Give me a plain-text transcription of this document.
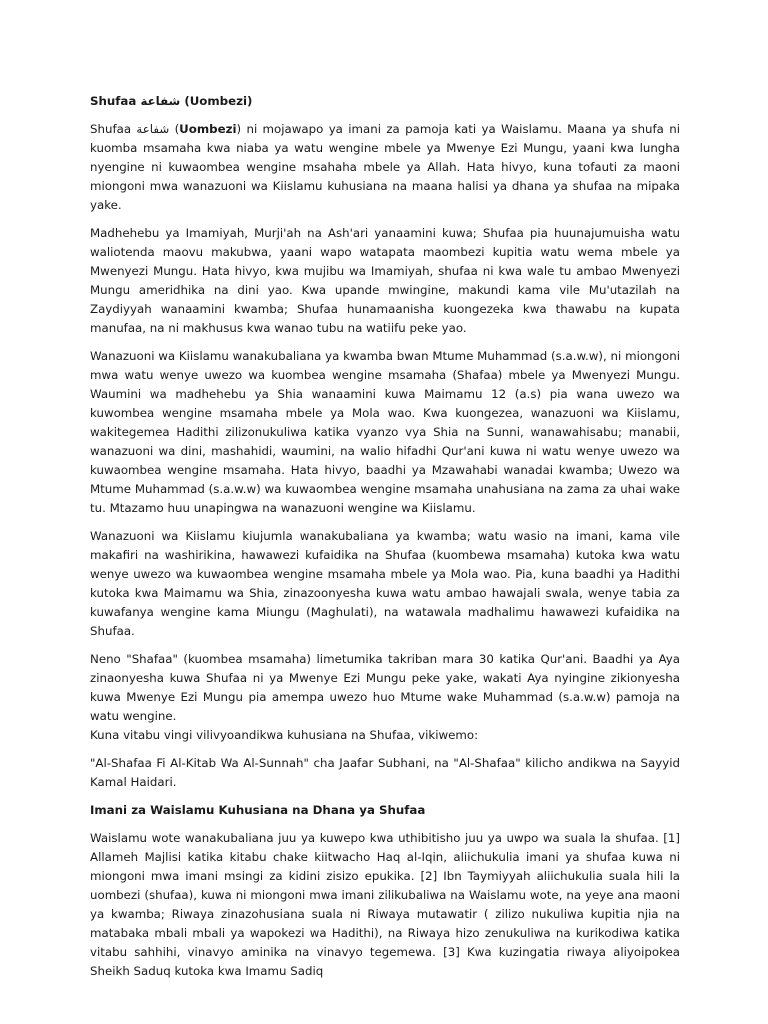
Shufaa شفاعة (Uombezi)

Shufaa شفاعة (Uombezi) ni mojawapo ya imani za pamoja kati ya Waislamu. Maana ya shufa ni kuomba msamaha kwa niaba ya watu wengine mbele ya Mwenye Ezi Mungu, yaani kwa lungha nyengine ni kuwaombea wengine msahaha mbele ya Allah. Hata hivyo, kuna tofauti za maoni miongoni mwa wanazuoni wa Kiislamu kuhusiana na maana halisi ya dhana ya shufaa na mipaka yake.

Madhehebu ya Imamiyah, Murji'ah na Ash'ari yanaamini kuwa; Shufaa pia huunajumuisha watu waliotenda maovu makubwa, yaani wapo watapata maombezi kupitia watu wema mbele ya Mwenyezi Mungu. Hata hivyo, kwa mujibu wa Imamiyah, shufaa ni kwa wale tu ambao Mwenyezi Mungu ameridhika na dini yao. Kwa upande mwingine, makundi kama vile Mu'utazilah na Zaydiyyah wanaamini kwamba; Shufaa hunamaanisha kuongezeka kwa thawabu na kupata manufaa, na ni makhusus kwa wanao tubu na watiifu peke yao.

Wanazuoni wa Kiislamu wanakubaliana ya kwamba bwan Mtume Muhammad (s.a.w.w), ni miongoni mwa watu wenye uwezo wa kuombea wengine msamaha (Shafaa) mbele ya Mwenyezi Mungu. Waumini wa madhehebu ya Shia wanaamini kuwa Maimamu 12 (a.s) pia wana uwezo wa kuwombea wengine msamaha mbele ya Mola wao. Kwa kuongezea, wanazuoni wa Kiislamu, wakitegemea Hadithi zilizonukuliwa katika vyanzo vya Shia na Sunni, wanawahisabu; manabii, wanazuoni wa dini, mashahidi, waumini, na walio hifadhi Qur'ani kuwa ni watu wenye uwezo wa kuwaombea wengine msamaha. Hata hivyo, baadhi ya Mzawahabi wanadai kwamba; Uwezo wa Mtume Muhammad (s.a.w.w) wa kuwaombea wengine msamaha unahusiana na zama za uhai wake tu. Mtazamo huu unapingwa na wanazuoni wengine wa Kiislamu.

Wanazuoni wa Kiislamu kiujumla wanakubaliana ya kwamba; watu wasio na imani, kama vile makafiri na washirikina, hawawezi kufaidika na Shufaa (kuombewa msamaha) kutoka kwa watu wenye uwezo wa kuwaombea wengine msamaha mbele ya Mola wao. Pia, kuna baadhi ya Hadithi kutoka kwa Maimamu wa Shia, zinazoonyesha kuwa watu ambao hawajali swala, wenye tabia za kuwafanya wengine kama Miungu (Maghulati), na watawala madhalimu hawawezi kufaidika na Shufaa.

Neno "Shafaa" (kuombea msamaha) limetumika takriban mara 30 katika Qur'ani. Baadhi ya Aya zinaonyesha kuwa Shufaa ni ya Mwenye Ezi Mungu peke yake, wakati Aya nyingine zikionyesha kuwa Mwenye Ezi Mungu pia amempa uwezo huo Mtume wake Muhammad (s.a.w.w) pamoja na watu wengine.

Kuna vitabu vingi vilivyoandikwa kuhusiana na Shufaa, vikiwemo:

"Al-Shafaa Fi Al-Kitab Wa Al-Sunnah" cha Jaafar Subhani, na "Al-Shafaa" kilicho andikwa na Sayyid Kamal Haidari.

Imani za Waislamu Kuhusiana na Dhana ya Shufaa

Waislamu wote wanakubaliana juu ya kuwepo kwa uthibitisho juu ya uwpo wa suala la shufaa. [1] Allameh Majlisi katika kitabu chake kiitwacho Haq al-Iqin, aliichukulia imani ya shufaa kuwa ni miongoni mwa imani msingi za kidini zisizo epukika. [2] Ibn Taymiyyah aliichukulia suala hili la uombezi (shufaa), kuwa ni miongoni mwa imani zilikubaliwa na Waislamu wote, na yeye ana maoni ya kwamba; Riwaya zinazohusiana suala ni Riwaya mutawatir ( zilizo nukuliwa kupitia njia na matabaka mbali mbali ya wapokezi wa Hadithi), na Riwaya hizo zenukuliwa na kurikodiwa katika vitabu sahhihi, vinavyo aminika na vinavyo tegemewa. [3] Kwa kuzingatia riwaya aliyoipokea Sheikh Saduq kutoka kwa Imamu Sadiq
